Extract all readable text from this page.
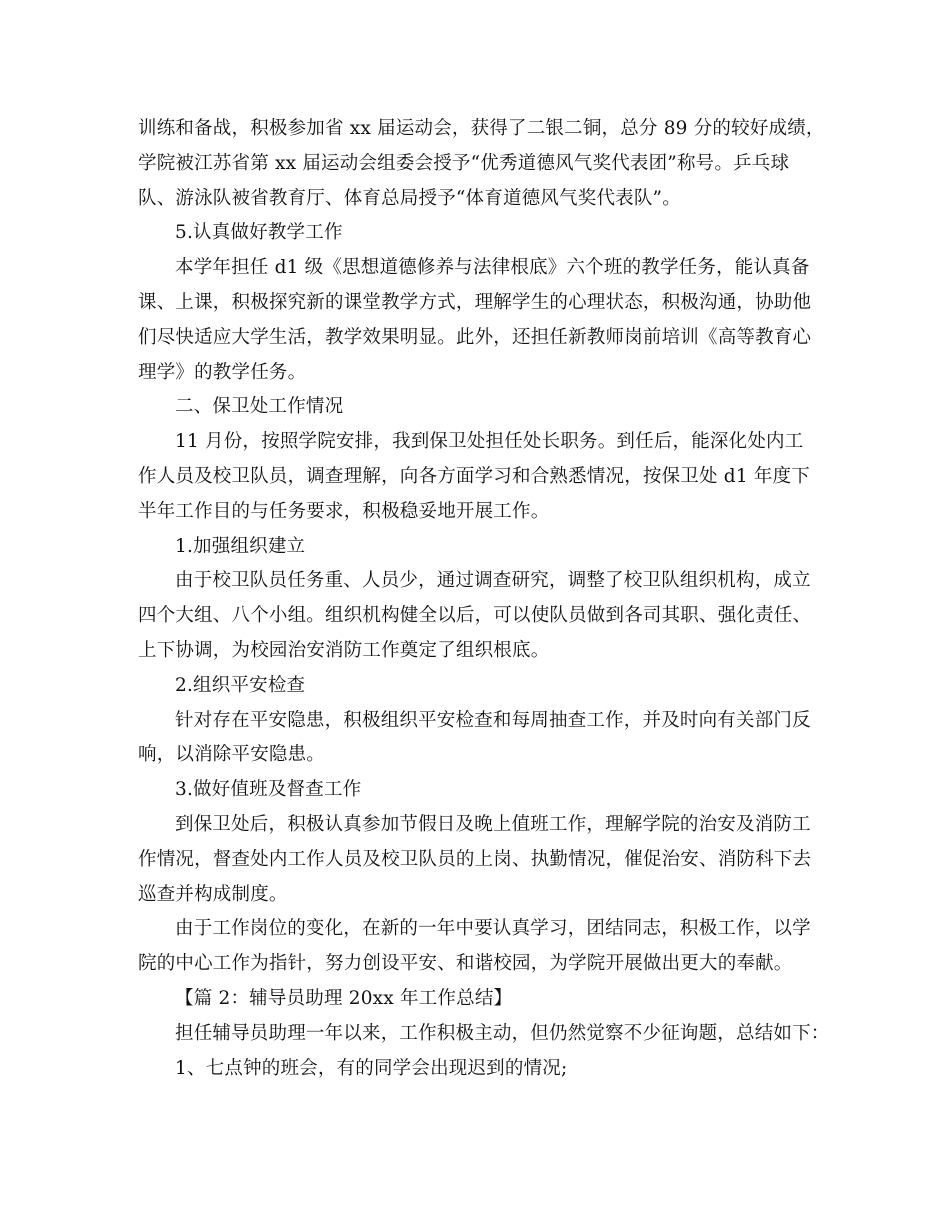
训练和备战，积极参加省 xx 届运动会，获得了二银二铜，总分 89 分的较好成绩，
学院被江苏省第 xx 届运动会组委会授予“优秀道德风气奖代表团”称号。乒乓球
队、游泳队被省教育厅、体育总局授予“体育道德风气奖代表队”。
5.认真做好教学工作
本学年担任 d1 级《思想道德修养与法律根底》六个班的教学任务，能认真备
课、上课，积极探究新的课堂教学方式，理解学生的心理状态，积极沟通，协助他
们尽快适应大学生活，教学效果明显。此外，还担任新教师岗前培训《高等教育心
理学》的教学任务。
二、保卫处工作情况
11 月份，按照学院安排，我到保卫处担任处长职务。到任后，能深化处内工
作人员及校卫队员，调查理解，向各方面学习和合熟悉情况，按保卫处 d1 年度下
半年工作目的与任务要求，积极稳妥地开展工作。
1.加强组织建立
由于校卫队员任务重、人员少，通过调查研究，调整了校卫队组织机构，成立
四个大组、八个小组。组织机构健全以后，可以使队员做到各司其职、强化责任、
上下协调，为校园治安消防工作奠定了组织根底。
2.组织平安检查
针对存在平安隐患，积极组织平安检查和每周抽查工作，并及时向有关部门反
响，以消除平安隐患。
3.做好值班及督查工作
到保卫处后，积极认真参加节假日及晚上值班工作，理解学院的治安及消防工
作情况，督查处内工作人员及校卫队员的上岗、执勤情况，催促治安、消防科下去
巡查并构成制度。
由于工作岗位的变化，在新的一年中要认真学习，团结同志，积极工作，以学
院的中心工作为指针，努力创设平安、和谐校园，为学院开展做出更大的奉献。
【篇 2：辅导员助理 20xx 年工作总结】
担任辅导员助理一年以来，工作积极主动，但仍然觉察不少征询题，总结如下：
1、七点钟的班会，有的同学会出现迟到的情况;
